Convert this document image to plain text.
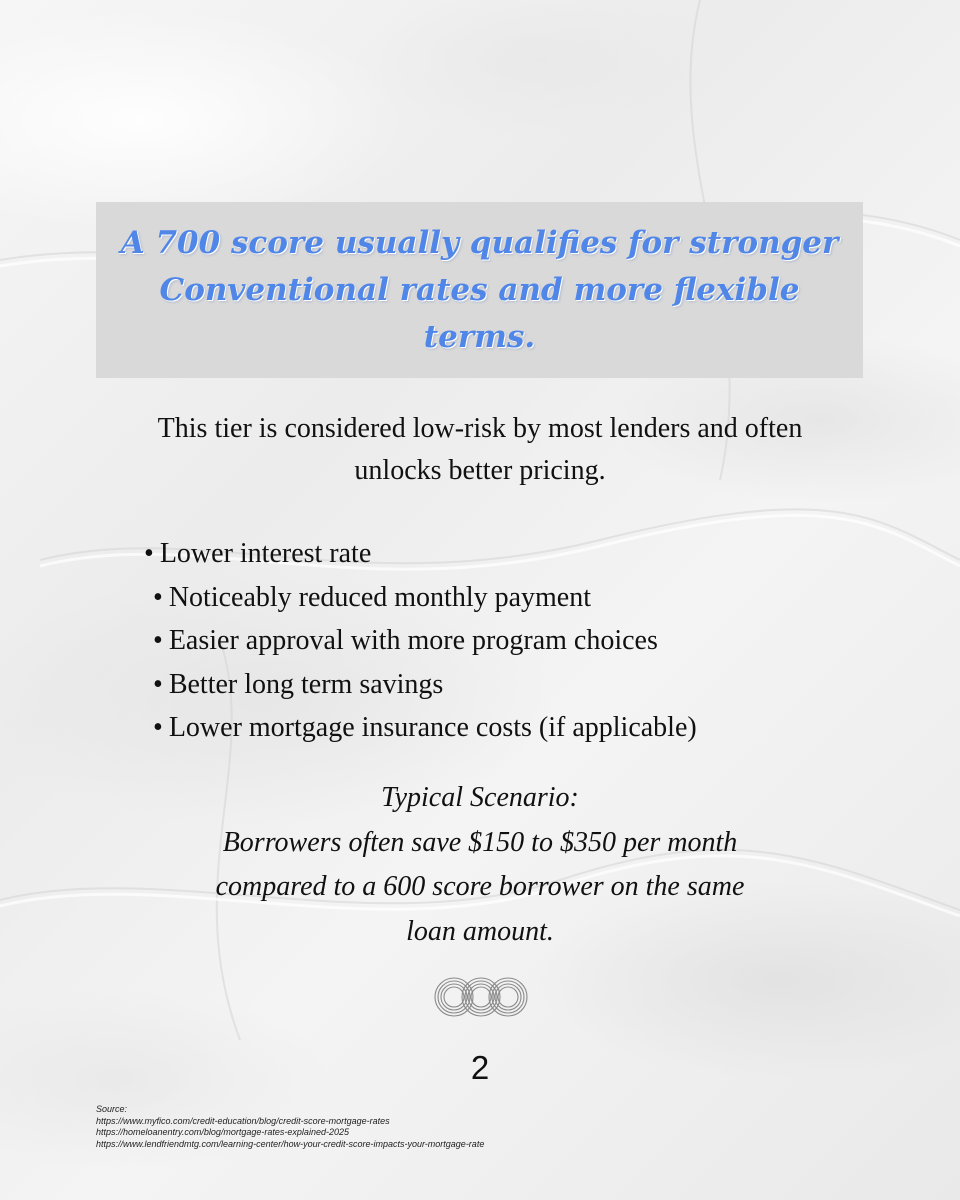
A 700 score usually qualifies for stronger
Conventional rates and more flexible terms.

This tier is considered low-risk by most lenders and often
unlocks better pricing.

• Lower interest rate
• Noticeably reduced monthly payment
• Easier approval with more program choices
• Better long term savings
• Lower mortgage insurance costs (if applicable)

Typical Scenario:
Borrowers often save $150 to $350 per month
compared to a 600 score borrower on the same
loan amount.

2

Source:
https://www.myfico.com/credit-education/blog/credit-score-mortgage-rates
https://homeloanentry.com/blog/mortgage-rates-explained-2025
https://www.lendfriendmtg.com/learning-center/how-your-credit-score-impacts-your-mortgage-rate
